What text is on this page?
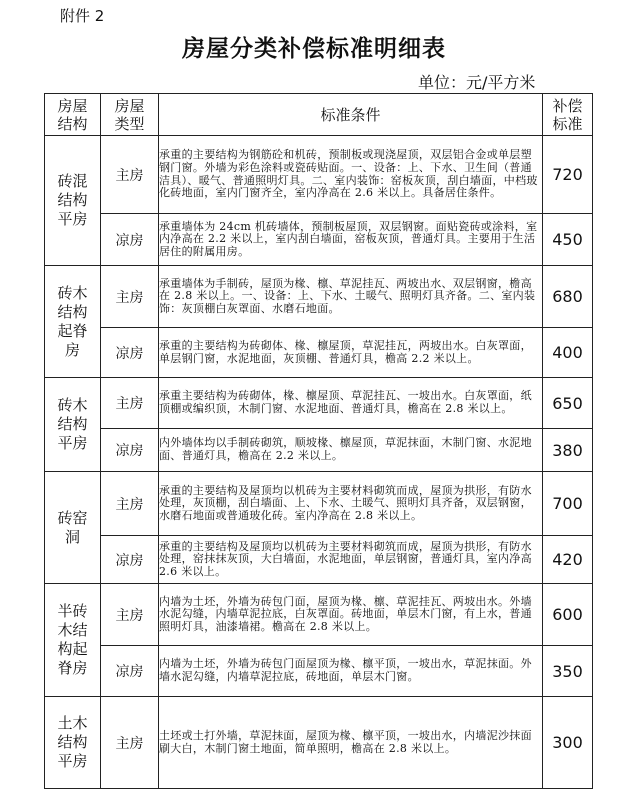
附件 2
房屋分类补偿标准明细表
单位：元/平方米
房屋结构	房屋类型	标准条件	补偿标准
砖混结构平房	主房	承重的主要结构为钢筋砼和机砖，预制板或现浇屋顶，双层铝合金或单层塑钢门窗。外墙为彩色涂料或瓷砖贴面。一、设备：上、下水、卫生间（普通洁具）、暖气、普通照明灯具。二、室内装饰：窑板灰顶，刮白墙面，中档玻化砖地面，室内门窗齐全，室内净高在 2.6 米以上。具备居住条件。	720
	凉房	承重墙体为 24cm 机砖墙体，预制板屋顶，双层钢窗。面贴瓷砖或涂料，室内净高在 2.2 米以上，室内刮白墙面，窑板灰顶，普通灯具。主要用于生活居住的附属用房。	450
砖木结构起脊房	主房	承重墙体为手制砖，屋顶为椽、檩、草泥挂瓦、两坡出水、双层钢窗，檐高在 2.8 米以上。一、设备：上、下水、土暖气、照明灯具齐备。二、室内装饰：灰顶棚白灰罩面、水磨石地面。	680
	凉房	承重的主要结构为砖砌体、椽、檩屋顶，草泥挂瓦，两坡出水。白灰罩面，单层钢门窗，水泥地面，灰顶棚、普通灯具，檐高 2.2 米以上。	400
砖木结构平房	主房	承重主要结构为砖砌体，椽、檩屋顶、草泥挂瓦、一坡出水。白灰罩面，纸顶棚或编织顶，木制门窗、水泥地面、普通灯具，檐高在 2.8 米以上。	650
	凉房	内外墙体均以手制砖砌筑，顺坡椽、檩屋顶，草泥抹面，木制门窗、水泥地面、普通灯具，檐高在 2.2 米以上。	380
砖窑洞	主房	承重的主要结构及屋顶均以机砖为主要材料砌筑而成，屋顶为拱形，有防水处理，灰顶棚，刮白墙面、上、下水、土暖气、照明灯具齐备，双层钢窗，水磨石地面或普通玻化砖。室内净高在 2.8 米以上。	700
	凉房	承重的主要结构及屋顶均以机砖为主要材料砌筑而成，屋顶为拱形，有防水处理，窑抹抹灰顶，大白墙面，水泥地面，单层钢窗，普通灯具，室内净高 2.6 米以上。	420
半砖木结构起脊房	主房	内墙为土坯，外墙为砖包门面，屋顶为椽、檩、草泥挂瓦、两坡出水。外墙水泥勾缝，内墙草泥拉底，白灰罩面。砖地面，单层木门窗，有上水，普通照明灯具，油漆墙裙。檐高在 2.8 米以上。	600
	凉房	内墙为土坯，外墙为砖包门面屋顶为椽、檩平顶，一坡出水，草泥抹面。外墙水泥勾缝，内墙草泥拉底，砖地面，单层木门窗。	350
土木结构平房	主房	土坯或土打外墙，草泥抹面，屋顶为椽、檩平顶，一坡出水，内墙泥沙抹面刷大白，木制门窗土地面，简单照明，檐高在 2.8 米以上。	300
